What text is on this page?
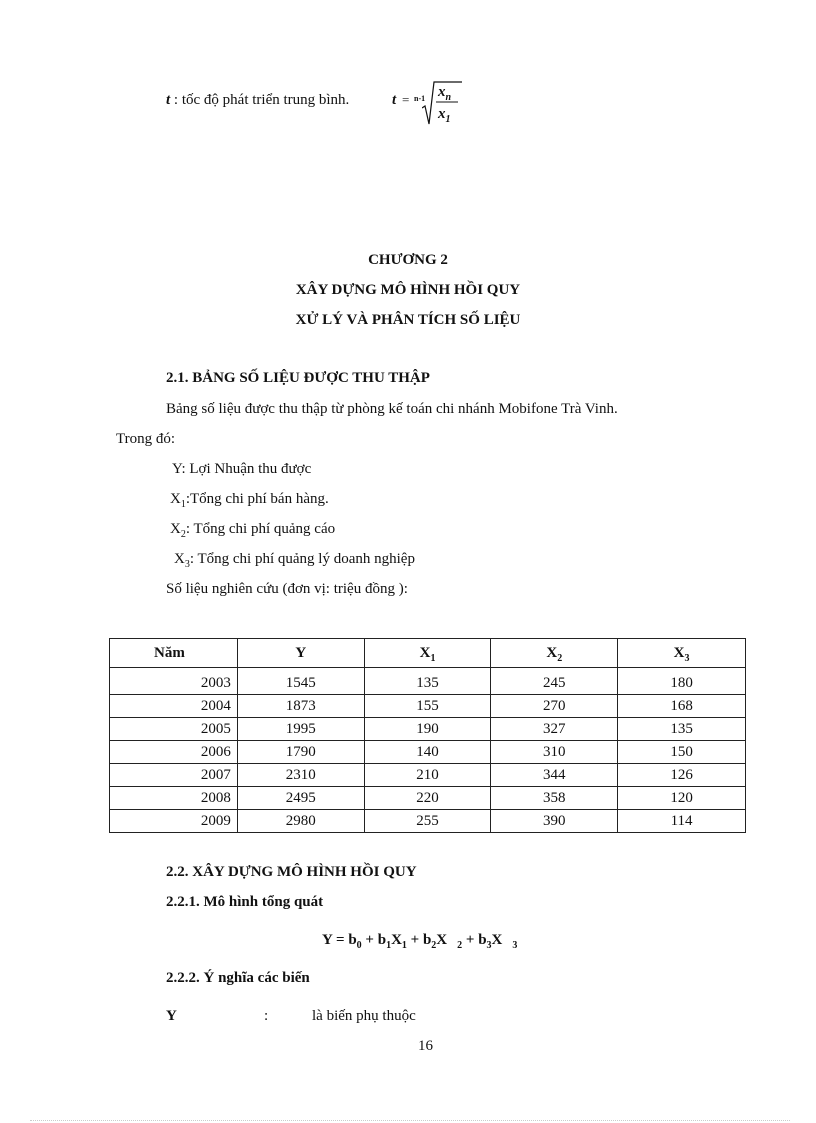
t : tốc độ phát triển trung bình.	t = n-1 $x_n$
$x_1$
CHƯƠNG 2
XÂY DỰNG MÔ HÌNH HỒI QUY
XỬ LÝ VÀ PHÂN TÍCH SỐ LIỆU
2.1. BẢNG SỐ LIỆU ĐƯỢC THU THẬP
Bảng số liệu được thu thập từ phòng kế toán chi nhánh Mobifone Trà Vinh.
Trong đó:
Y: Lợi Nhuận thu được
$X_1:Tổng$ chi phí bán hàng.
$X_2$: Tổng chi phí quảng cáo
$X_3$: Tổng chi phí quảng lý doanh nghiệp
Số liệu nghiên cứu (đơn vị: triệu đồng ):
Năm	Y	$X_1$	$X_2$	$X_3$
2003	1545	135	245	180
2004	1873	155	270	168
2005	1995	190	327	135
2006	1790	140	310	150
2007	2310	210	344	126
2008	2495	220	358	120
2009	2980	255	390	114
2.2. XÂY DỰNG MÔ HÌNH HỒI QUY
2.2.1. Mô hình tổng quát
$Y = b_0 + b_1X_1 + b_2X$ $_2 + b_3X$ $_3$
2.2.2. Ý nghĩa các biến
Y	:	là biến phụ thuộc
16
